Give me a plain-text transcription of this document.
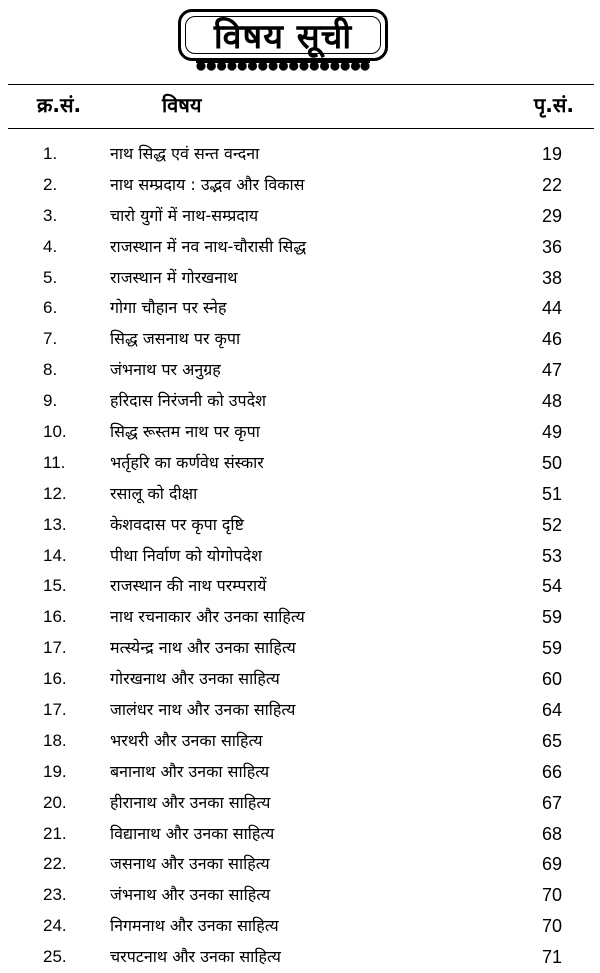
विषय सूची
क्र.सं.	विषय	पृ.सं.
1.	नाथ सिद्ध एवं सन्त वन्दना	19
2.	नाथ सम्प्रदाय : उद्भव और विकास	22
3.	चारो युगों में नाथ-सम्प्रदाय	29
4.	राजस्थान में नव नाथ-चौरासी सिद्ध	36
5.	राजस्थान में गोरखनाथ	38
6.	गोगा चौहान पर स्नेह	44
7.	सिद्ध जसनाथ पर कृपा	46
8.	जंभनाथ पर अनुग्रह	47
9.	हरिदास निरंजनी को उपदेश	48
10.	सिद्ध रूस्तम नाथ पर कृपा	49
11.	भर्तृहरि का कर्णवेध संस्कार	50
12.	रसालू को दीक्षा	51
13.	केशवदास पर कृपा दृष्टि	52
14.	पीथा निर्वाण को योगोपदेश	53
15.	राजस्थान की नाथ परम्परायें	54
16.	नाथ रचनाकार और उनका साहित्य	59
17.	मत्स्येन्द्र नाथ और उनका साहित्य	59
16.	गोरखनाथ और उनका साहित्य	60
17.	जालंधर नाथ और उनका साहित्य	64
18.	भरथरी और उनका साहित्य	65
19.	बनानाथ और उनका साहित्य	66
20.	हीरानाथ और उनका साहित्य	67
21.	विद्यानाथ और उनका साहित्य	68
22.	जसनाथ और उनका साहित्य	69
23.	जंभनाथ और उनका साहित्य	70
24.	निगमनाथ और उनका साहित्य	70
25.	चरपटनाथ और उनका साहित्य	71
